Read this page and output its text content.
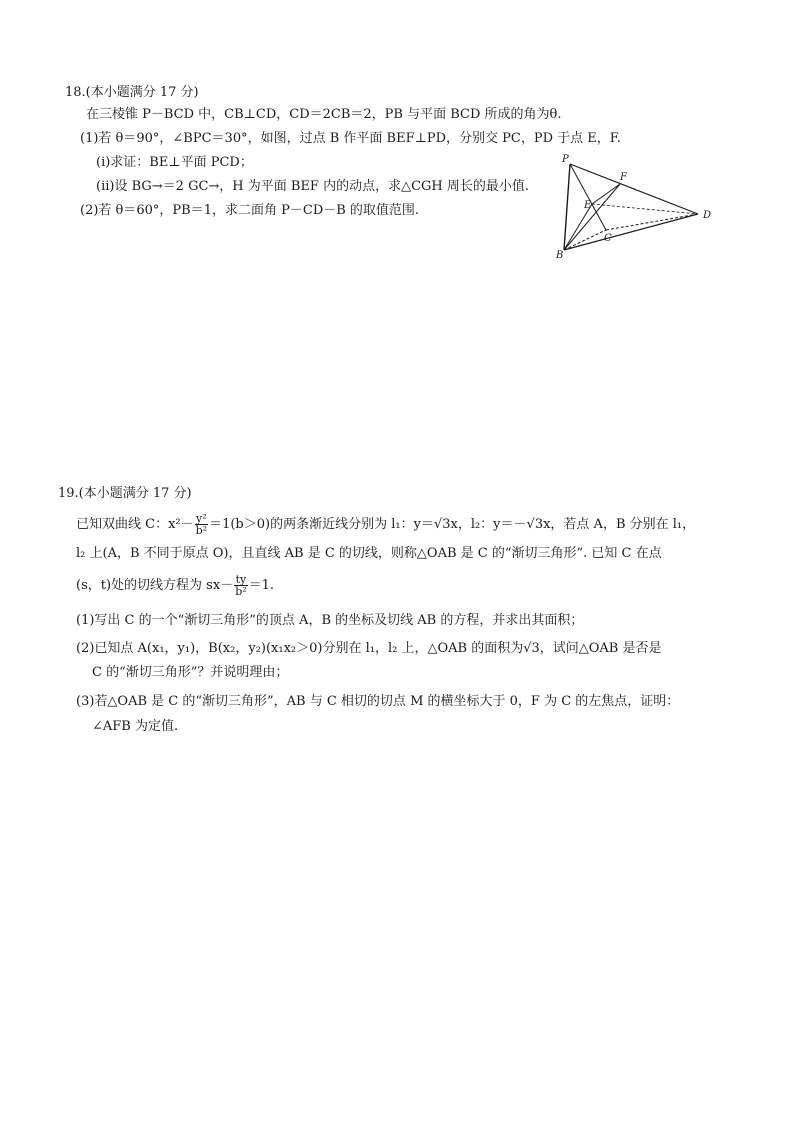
18.(本小题满分 17 分)
在三棱锥 P－BCD 中，CB⊥CD，CD＝2CB＝2，PB 与平面 BCD 所成的角为θ.
(1)若 θ＝90°，∠BPC＝30°，如图，过点 B 作平面 BEF⊥PD，分别交 PC，PD 于点 E，F.
(ⅰ)求证：BE⊥平面 PCD；
(ⅱ)设 BG→＝2 GC→，H 为平面 BEF 内的动点，求△CGH 周长的最小值.
(2)若 θ＝60°，PB＝1，求二面角 P－CD－B 的取值范围.
P
F
E
C
D
B
19.(本小题满分 17 分)
已知双曲线 C：$x^2- \frac{\text{y²}}{\text{b²}} =1(b>0)$的两条渐近线分别为 l₁：y＝√3x，l₂：y＝－√3x，若点 A，B 分别在 l₁，
l₂ 上(A，B 不同于原点 O)，且直线 AB 是 C 的切线，则称△OAB 是 C 的“渐切三角形”. 已知 C 在点
(s，t)处的切线方程为 $sx- \frac{ty}{\text{b²}} =1$.
(1)写出 C 的一个“渐切三角形”的顶点 A，B 的坐标及切线 AB 的方程，并求出其面积；
(2)已知点 A(x₁，y₁)，B(x₂，y₂)(x₁x₂＞0)分别在 l₁，l₂ 上，△OAB 的面积为√3，试问△OAB 是否是
C 的“渐切三角形”？并说明理由；
(3)若△OAB 是 C 的“渐切三角形”，AB 与 C 相切的切点 M 的横坐标大于 0，F 为 C 的左焦点，证明：
∠AFB 为定值.
